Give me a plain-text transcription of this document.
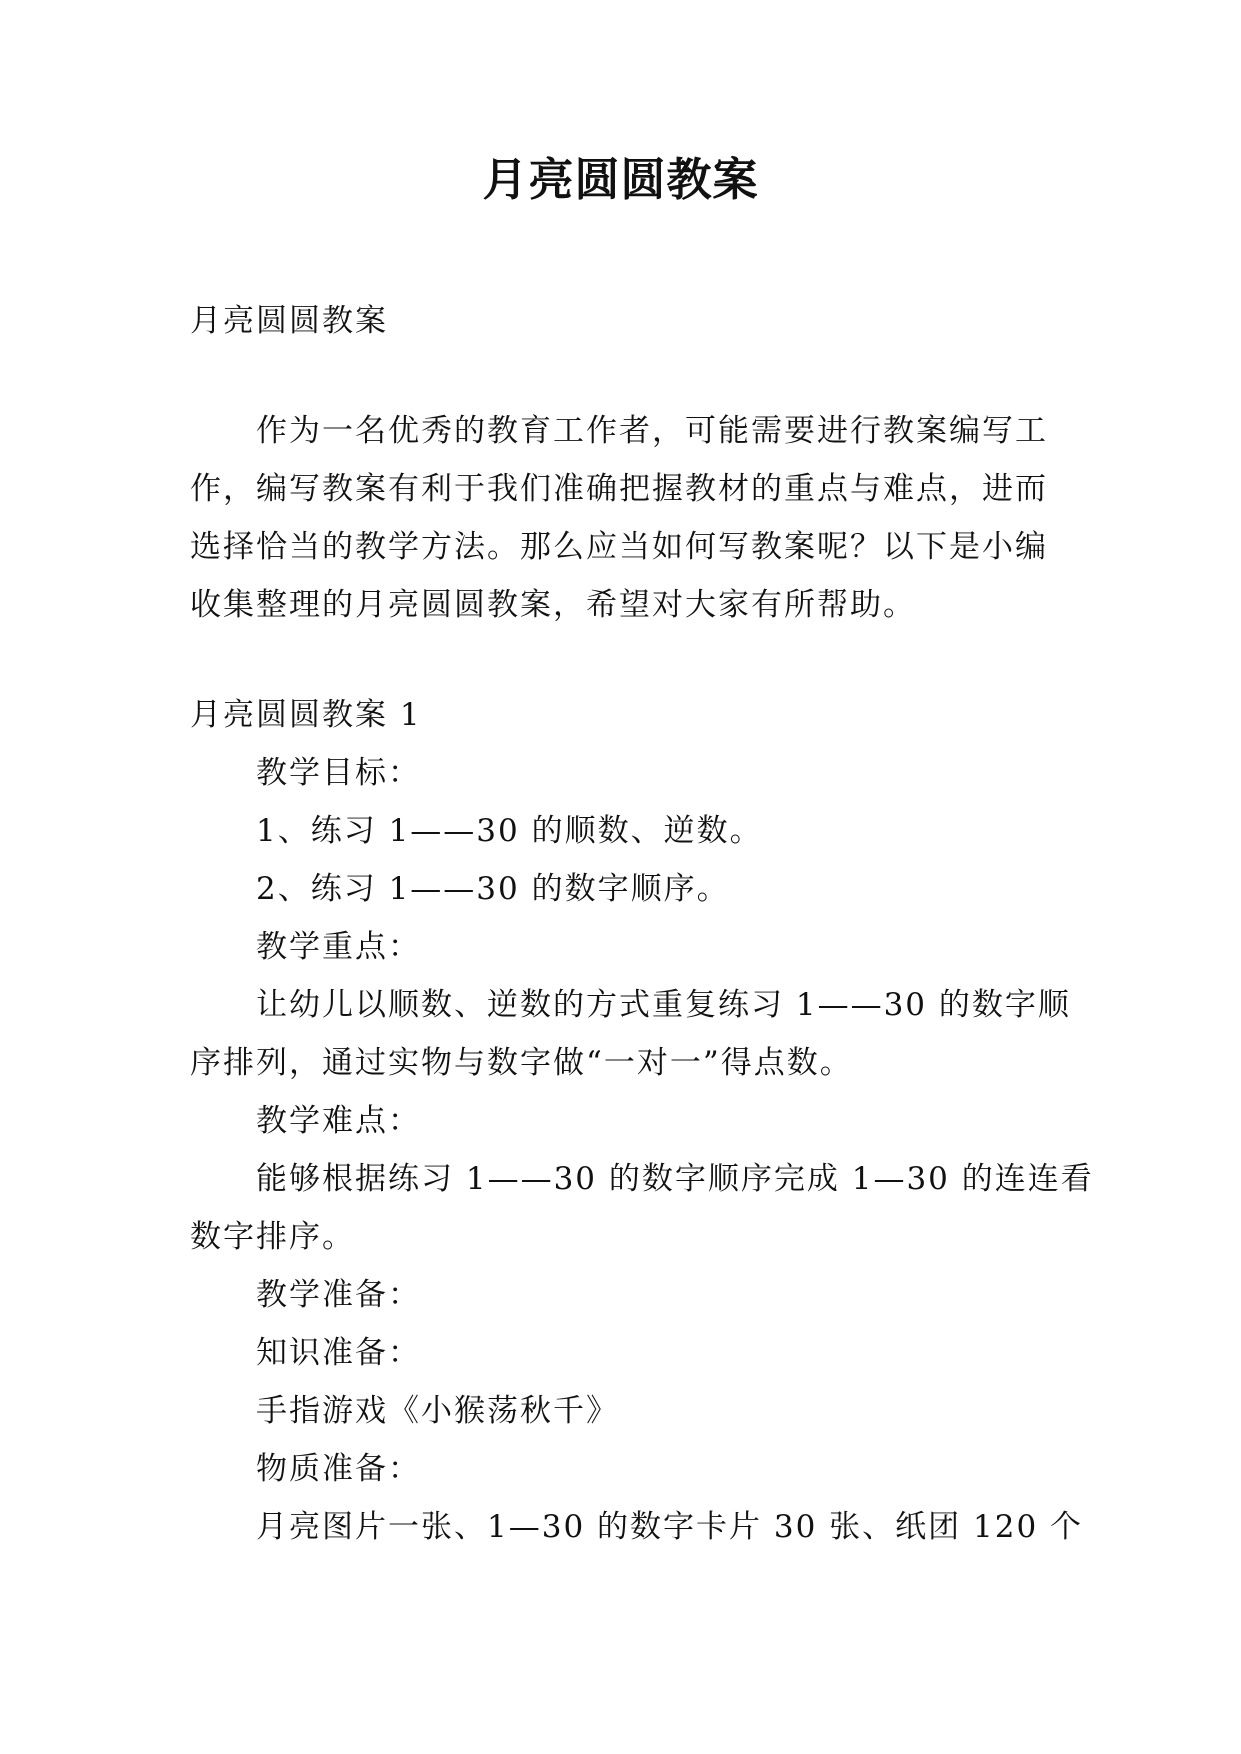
月亮圆圆教案
月亮圆圆教案
作为一名优秀的教育工作者，可能需要进行教案编写工
作，编写教案有利于我们准确把握教材的重点与难点，进而
选择恰当的教学方法。那么应当如何写教案呢？以下是小编
收集整理的月亮圆圆教案，希望对大家有所帮助。
月亮圆圆教案 1
教学目标：
1、练习 1——30 的顺数、逆数。
2、练习 1——30 的数字顺序。
教学重点：
让幼儿以顺数、逆数的方式重复练习 1——30 的数字顺
序排列，通过实物与数字做“一对一”得点数。
教学难点：
能够根据练习 1——30 的数字顺序完成 1—30 的连连看
数字排序。
教学准备：
知识准备：
手指游戏《小猴荡秋千》
物质准备：
月亮图片一张、1—30 的数字卡片 30 张、纸团 120 个
